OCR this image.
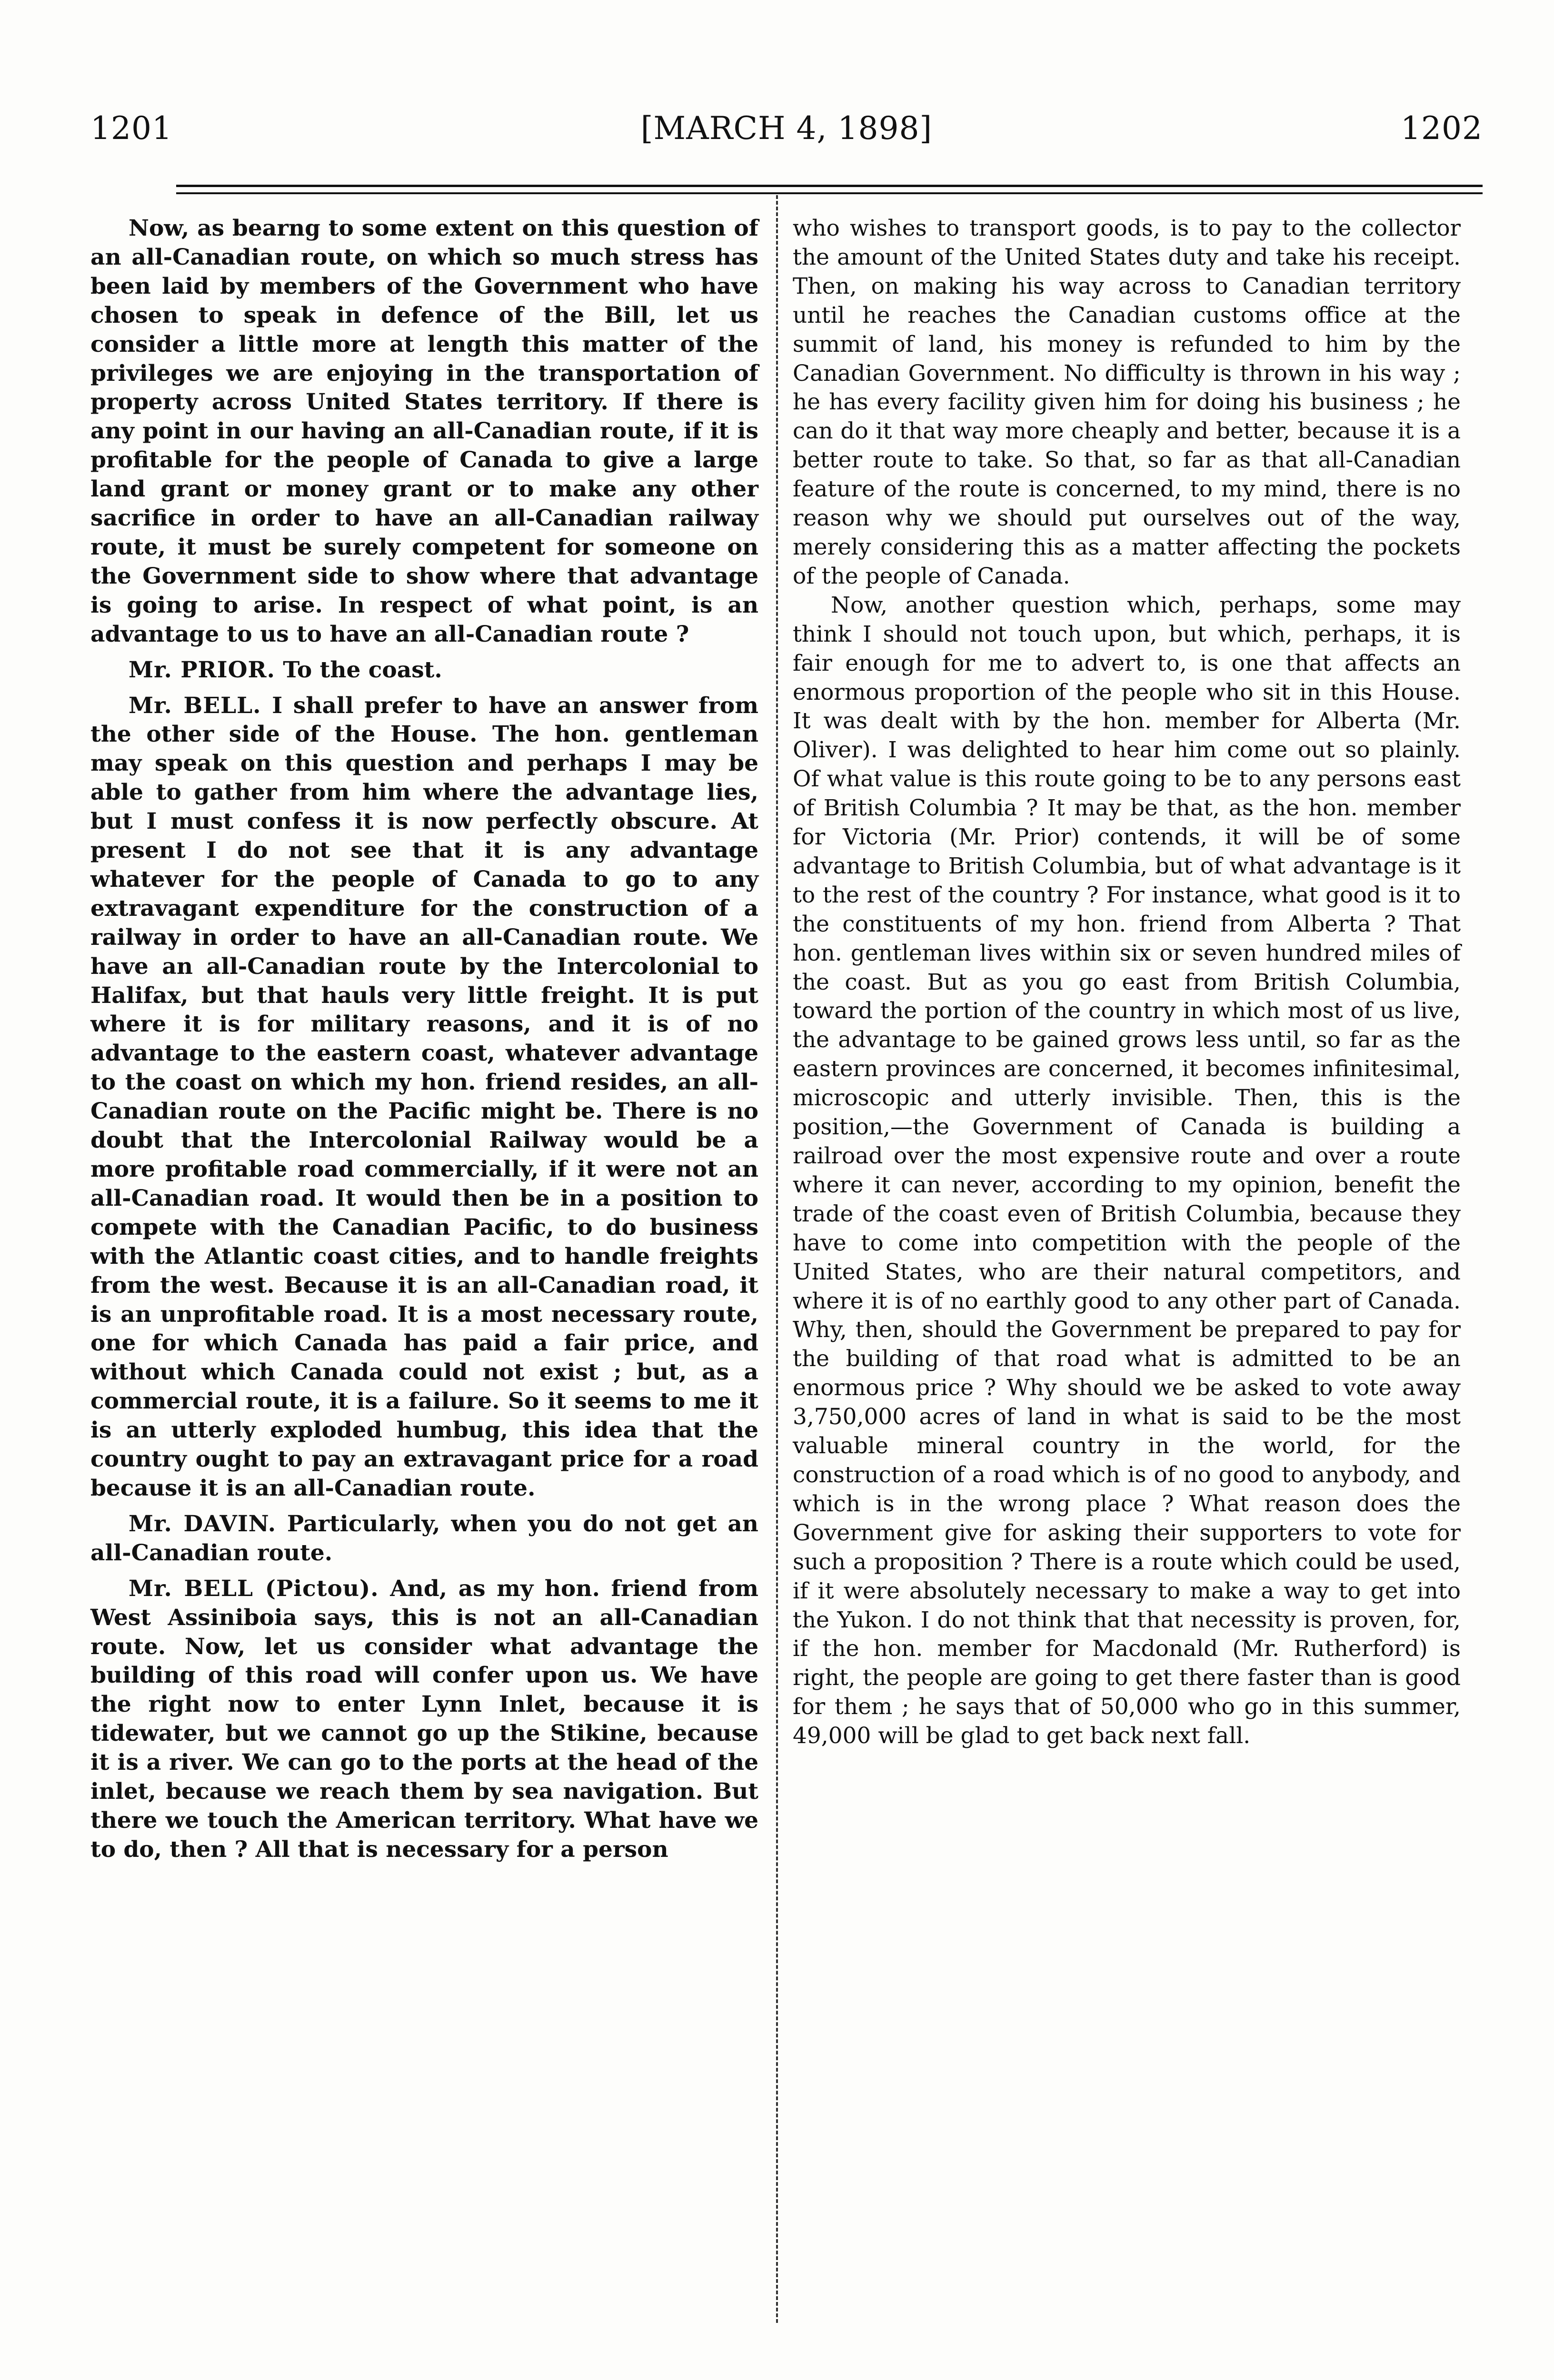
1201	[MARCH 4, 1898]	1202

Now, as bearng to some extent on this question of an all-Canadian route, on which so much stress has been laid by members of the Government who have chosen to speak in defence of the Bill, let us consider a little more at length this matter of the privileges we are enjoying in the transportation of property across United States territory. If there is any point in our having an all-Canadian route, if it is profitable for the people of Canada to give a large land grant or money grant or to make any other sacrifice in order to have an all-Canadian railway route, it must be surely competent for someone on the Government side to show where that advantage is going to arise. In respect of what point, is an advantage to us to have an all-Canadian route ?

Mr. PRIOR. To the coast.

Mr. BELL. I shall prefer to have an answer from the other side of the House. The hon. gentleman may speak on this question and perhaps I may be able to gather from him where the advantage lies, but I must confess it is now perfectly obscure. At present I do not see that it is any advantage whatever for the people of Canada to go to any extravagant expenditure for the construction of a railway in order to have an all-Canadian route. We have an all-Canadian route by the Intercolonial to Halifax, but that hauls very little freight. It is put where it is for military reasons, and it is of no advantage to the eastern coast, whatever advantage to the coast on which my hon. friend resides, an all-Canadian route on the Pacific might be. There is no doubt that the Intercolonial Railway would be a more profitable road commercially, if it were not an all-Canadian road. It would then be in a position to compete with the Canadian Pacific, to do business with the Atlantic coast cities, and to handle freights from the west. Because it is an all-Canadian road, it is an unprofitable road. It is a most necessary route, one for which Canada has paid a fair price, and without which Canada could not exist ; but, as a commercial route, it is a failure. So it seems to me it is an utterly exploded humbug, this idea that the country ought to pay an extravagant price for a road because it is an all-Canadian route.

Mr. DAVIN. Particularly, when you do not get an all-Canadian route.

Mr. BELL (Pictou). And, as my hon. friend from West Assiniboia says, this is not an all-Canadian route. Now, let us consider what advantage the building of this road will confer upon us. We have the right now to enter Lynn Inlet, because it is tidewater, but we cannot go up the Stikine, because it is a river. We can go to the ports at the head of the inlet, because we reach them by sea navigation. But there we touch the American territory. What have we to do, then ? All that is necessary for a person

who wishes to transport goods, is to pay to the collector the amount of the United States duty and take his receipt. Then, on making his way across to Canadian territory until he reaches the Canadian customs office at the summit of land, his money is refunded to him by the Canadian Government. No difficulty is thrown in his way ; he has every facility given him for doing his business ; he can do it that way more cheaply and better, because it is a better route to take. So that, so far as that all-Canadian feature of the route is concerned, to my mind, there is no reason why we should put ourselves out of the way, merely considering this as a matter affecting the pockets of the people of Canada.

Now, another question which, perhaps, some may think I should not touch upon, but which, perhaps, it is fair enough for me to advert to, is one that affects an enormous proportion of the people who sit in this House. It was dealt with by the hon. member for Alberta (Mr. Oliver). I was delighted to hear him come out so plainly. Of what value is this route going to be to any persons east of British Columbia ? It may be that, as the hon. member for Victoria (Mr. Prior) contends, it will be of some advantage to British Columbia, but of what advantage is it to the rest of the country ? For instance, what good is it to the constituents of my hon. friend from Alberta ? That hon. gentleman lives within six or seven hundred miles of the coast. But as you go east from British Columbia, toward the portion of the country in which most of us live, the advantage to be gained grows less until, so far as the eastern provinces are concerned, it becomes infinitesimal, microscopic and utterly invisible. Then, this is the position,—the Government of Canada is building a railroad over the most expensive route and over a route where it can never, according to my opinion, benefit the trade of the coast even of British Columbia, because they have to come into competition with the people of the United States, who are their natural competitors, and where it is of no earthly good to any other part of Canada. Why, then, should the Government be prepared to pay for the building of that road what is admitted to be an enormous price ? Why should we be asked to vote away 3,750,000 acres of land in what is said to be the most valuable mineral country in the world, for the construction of a road which is of no good to anybody, and which is in the wrong place ? What reason does the Government give for asking their supporters to vote for such a proposition ? There is a route which could be used, if it were absolutely necessary to make a way to get into the Yukon. I do not think that that necessity is proven, for, if the hon. member for Macdonald (Mr. Rutherford) is right, the people are going to get there faster than is good for them ; he says that of 50,000 who go in this summer, 49,000 will be glad to get back next fall.
